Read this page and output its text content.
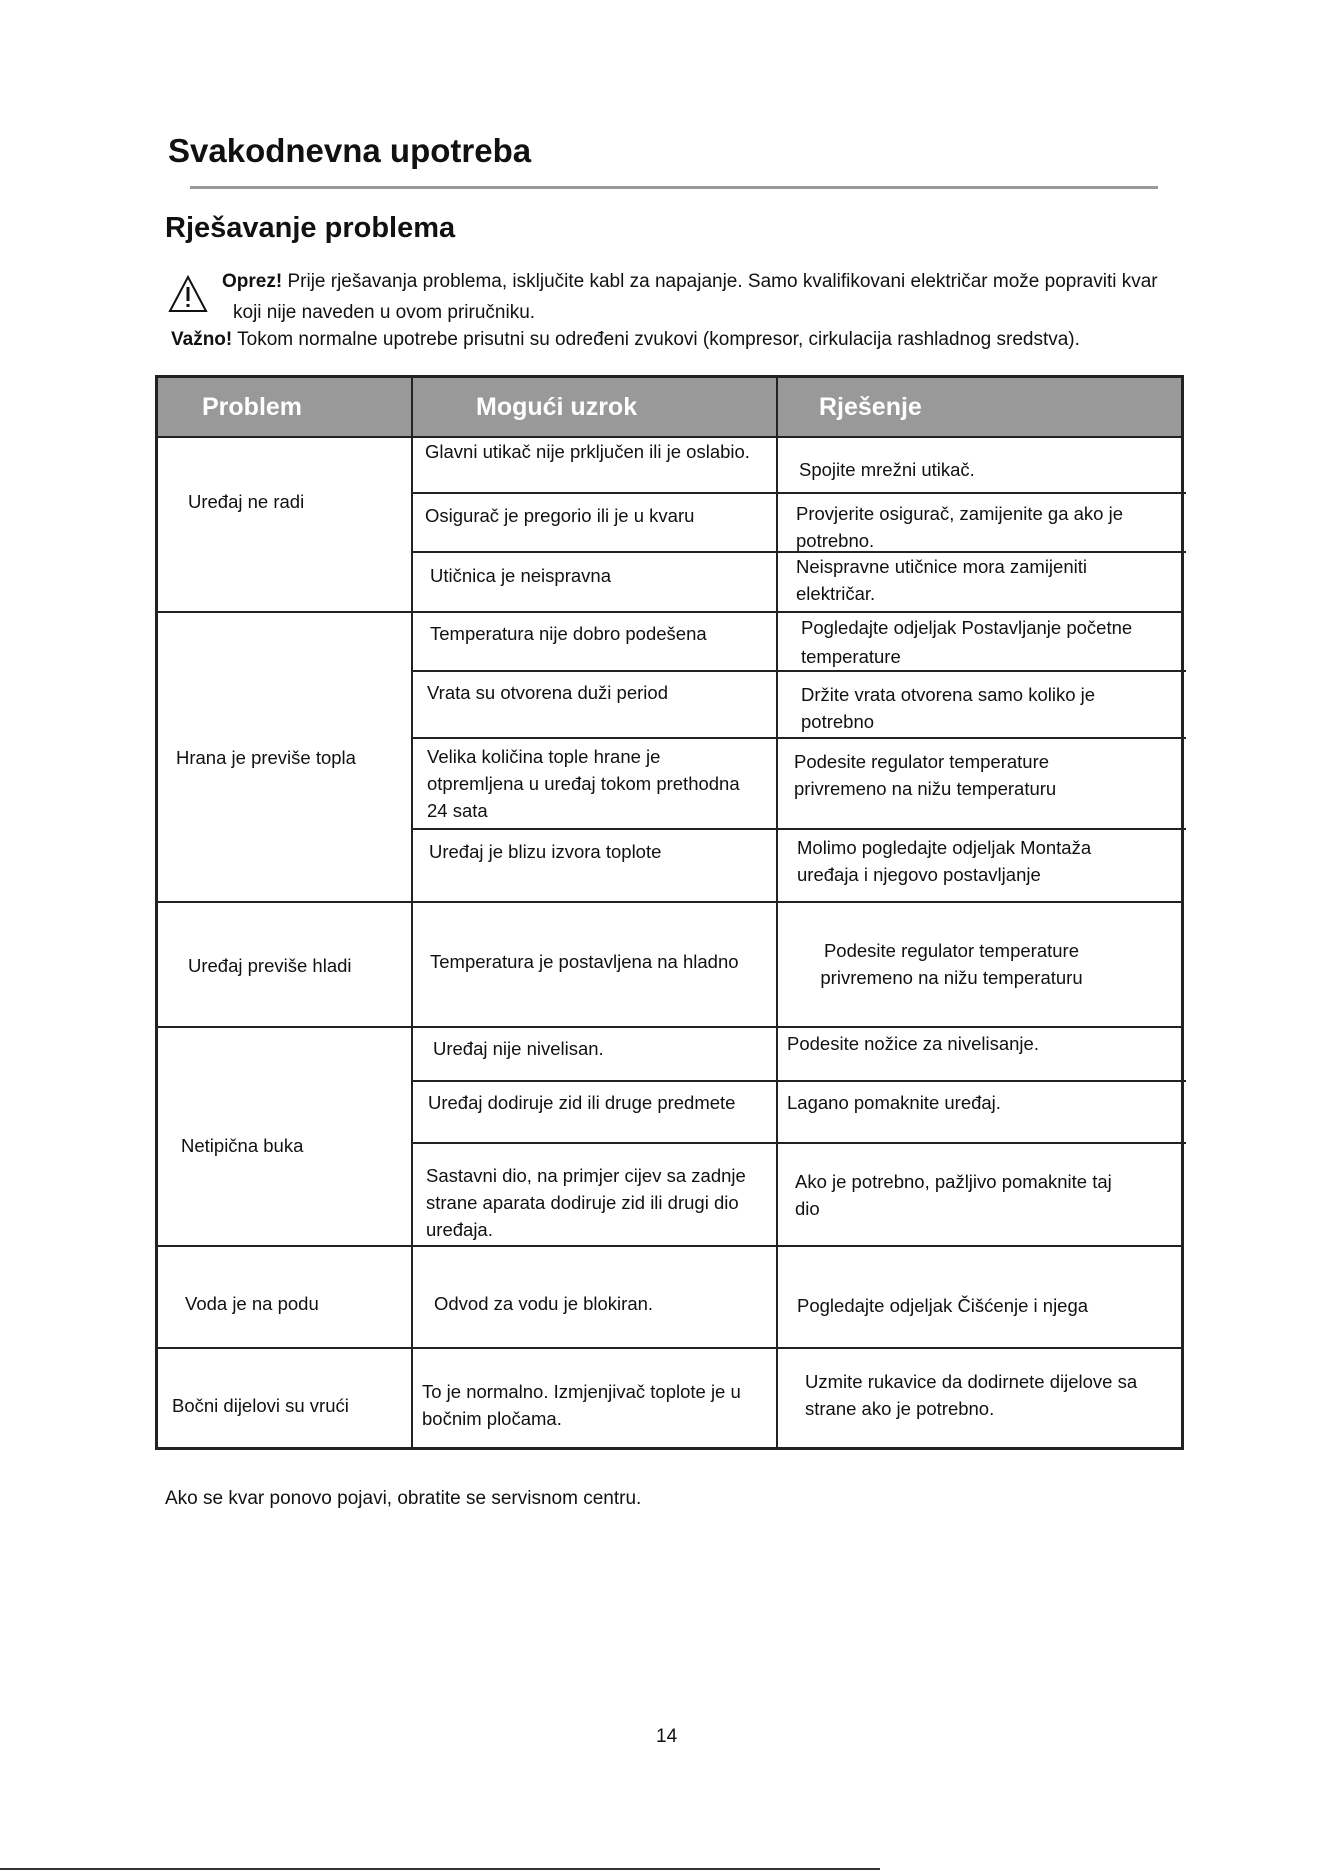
Svakodnevna upotreba
Rješavanje problema
Oprez! Prije rješavanja problema, isključite kabl za napajanje. Samo kvalifikovani električar može popraviti kvar
koji nije naveden u ovom priručniku.
Važno! Tokom normalne upotrebe prisutni su određeni zvukovi (kompresor, cirkulacija rashladnog sredstva).
Problem	Mogući uzrok	Rješenje
Uređaj ne radi
Hrana je previše topla
Uređaj previše hladi
Netipična buka
Voda je na podu
Bočni dijelovi su vrući
Glavni utikač nije prključen ili je oslabio.
Osigurač je pregorio ili je u kvaru
Utičnica je neispravna
Temperatura nije dobro podešena
Vrata su otvorena duži period
Velika količina tople hrane je otpremljena u uređaj tokom prethodna 24 sata
Uređaj je blizu izvora toplote
Temperatura je postavljena na hladno
Uređaj nije nivelisan.
Uređaj dodiruje zid ili druge predmete
Sastavni dio, na primjer cijev sa zadnje strane aparata dodiruje zid ili drugi dio uređaja.
Odvod za vodu je blokiran.
To je normalno. Izmjenjivač toplote je u bočnim pločama.
Spojite mrežni utikač.
Provjerite osigurač, zamijenite ga ako je potrebno.
Neispravne utičnice mora zamijeniti električar.
Pogledajte odjeljak Postavljanje početne temperature
Držite vrata otvorena samo koliko je potrebno
Podesite regulator temperature privremeno na nižu temperaturu
Molimo pogledajte odjeljak Montaža uređaja i njegovo postavljanje
Podesite regulator temperature privremeno na nižu temperaturu
Podesite nožice za nivelisanje.
Lagano pomaknite uređaj.
Ako je potrebno, pažljivo pomaknite taj dio
Pogledajte odjeljak Čišćenje i njega
Uzmite rukavice da dodirnete dijelove sa strane ako je potrebno.
Ako se kvar ponovo pojavi, obratite se servisnom centru.
14
